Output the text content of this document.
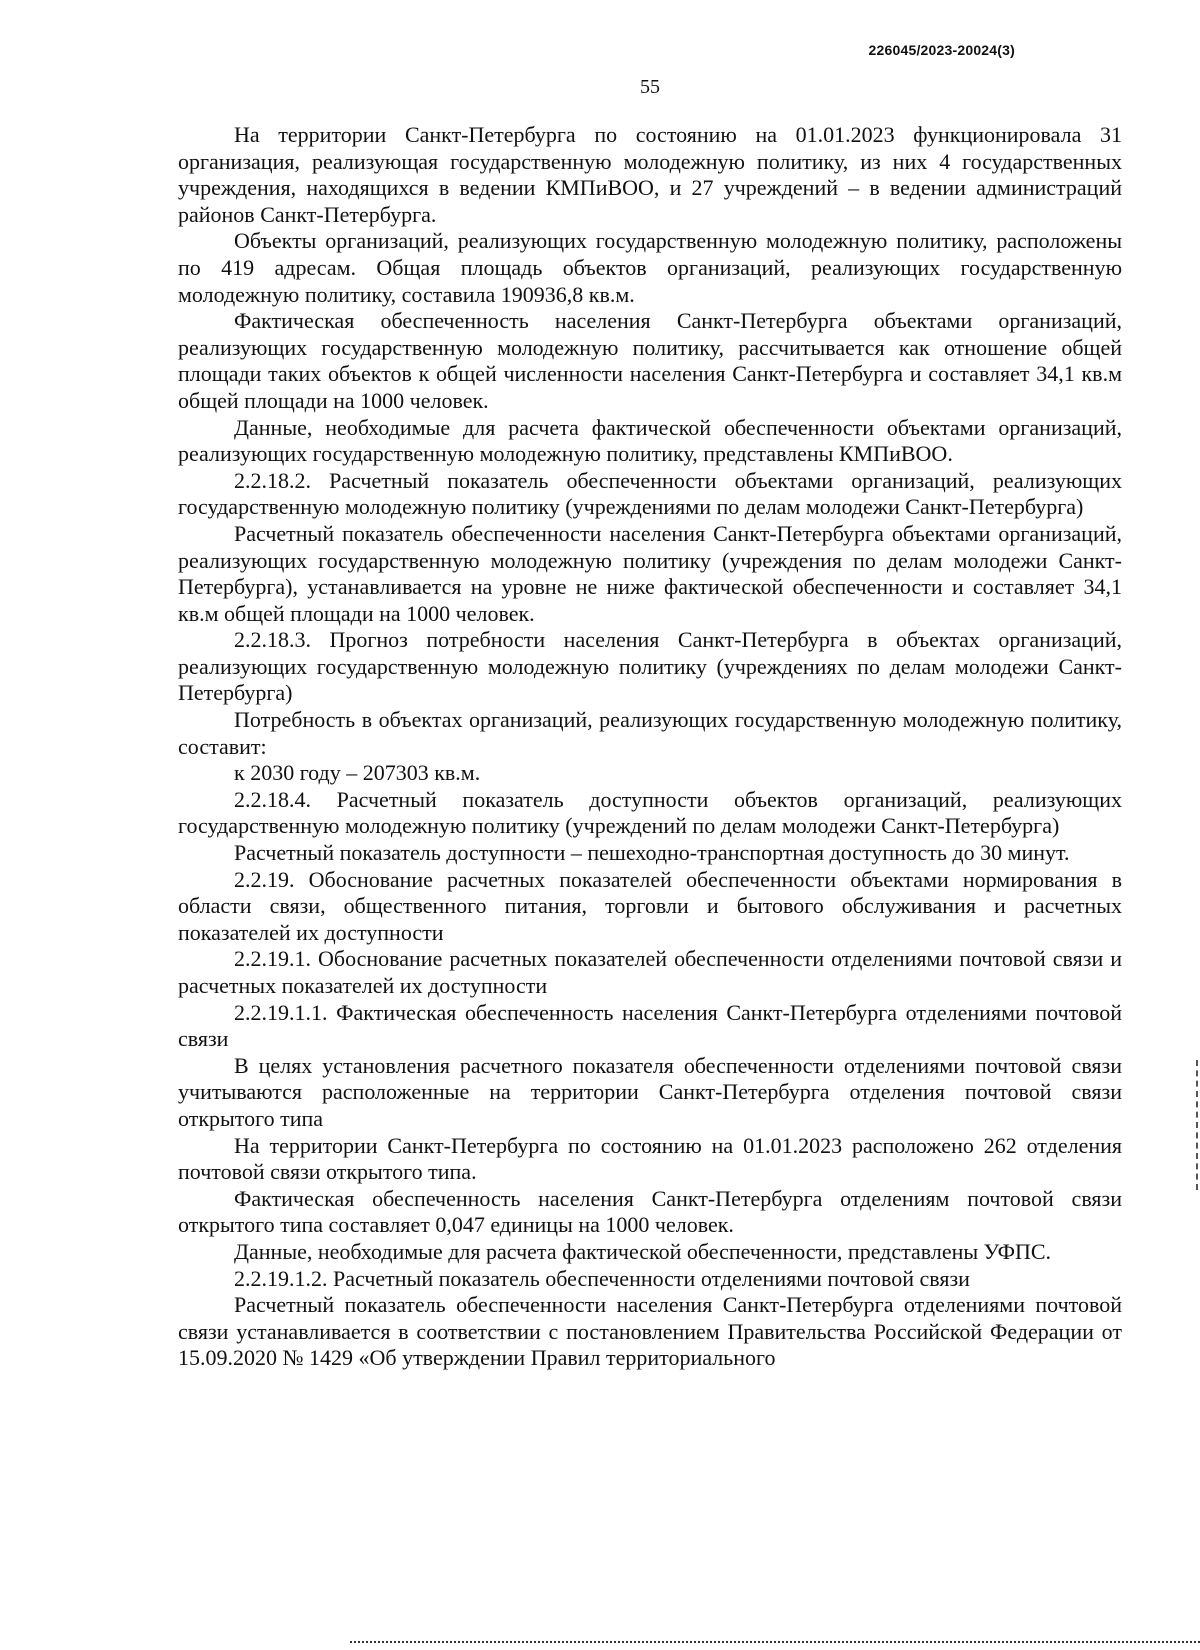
226045/2023-20024(3)
55

На территории Санкт-Петербурга по состоянию на 01.01.2023 функционировала 31 организация, реализующая государственную молодежную политику, из них 4 государственных учреждения, находящихся в ведении КМПиВОО, и 27 учреждений – в ведении администраций районов Санкт-Петербурга.

Объекты организаций, реализующих государственную молодежную политику, расположены по 419 адресам. Общая площадь объектов организаций, реализующих государственную молодежную политику, составила 190936,8 кв.м.

Фактическая обеспеченность населения Санкт-Петербурга объектами организаций, реализующих государственную молодежную политику, рассчитывается как отношение общей площади таких объектов к общей численности населения Санкт-Петербурга и составляет 34,1 кв.м общей площади на 1000 человек.

Данные, необходимые для расчета фактической обеспеченности объектами организаций, реализующих государственную молодежную политику, представлены КМПиВОО.

2.2.18.2. Расчетный показатель обеспеченности объектами организаций, реализующих государственную молодежную политику (учреждениями по делам молодежи Санкт-Петербурга)

Расчетный показатель обеспеченности населения Санкт-Петербурга объектами организаций, реализующих государственную молодежную политику (учреждения по делам молодежи Санкт-Петербурга), устанавливается на уровне не ниже фактической обеспеченности и составляет 34,1 кв.м общей площади на 1000 человек.

2.2.18.3. Прогноз потребности населения Санкт-Петербурга в объектах организаций, реализующих государственную молодежную политику (учреждениях по делам молодежи Санкт-Петербурга)

Потребность в объектах организаций, реализующих государственную молодежную политику, составит:

к 2030 году – 207303 кв.м.

2.2.18.4. Расчетный показатель доступности объектов организаций, реализующих государственную молодежную политику (учреждений по делам молодежи Санкт-Петербурга)

Расчетный показатель доступности – пешеходно-транспортная доступность до 30 минут.

2.2.19. Обоснование расчетных показателей обеспеченности объектами нормирования в области связи, общественного питания, торговли и бытового обслуживания и расчетных показателей их доступности

2.2.19.1. Обоснование расчетных показателей обеспеченности отделениями почтовой связи и расчетных показателей их доступности

2.2.19.1.1. Фактическая обеспеченность населения Санкт-Петербурга отделениями почтовой связи

В целях установления расчетного показателя обеспеченности отделениями почтовой связи учитываются расположенные на территории Санкт-Петербурга отделения почтовой связи открытого типа

На территории Санкт-Петербурга по состоянию на 01.01.2023 расположено 262 отделения почтовой связи открытого типа.

Фактическая обеспеченность населения Санкт-Петербурга отделениям почтовой связи открытого типа составляет 0,047 единицы на 1000 человек.

Данные, необходимые для расчета фактической обеспеченности, представлены УФПС.

2.2.19.1.2. Расчетный показатель обеспеченности отделениями почтовой связи

Расчетный показатель обеспеченности населения Санкт-Петербурга отделениями почтовой связи устанавливается в соответствии с постановлением Правительства Российской Федерации от 15.09.2020 № 1429 «Об утверждении Правил территориального
